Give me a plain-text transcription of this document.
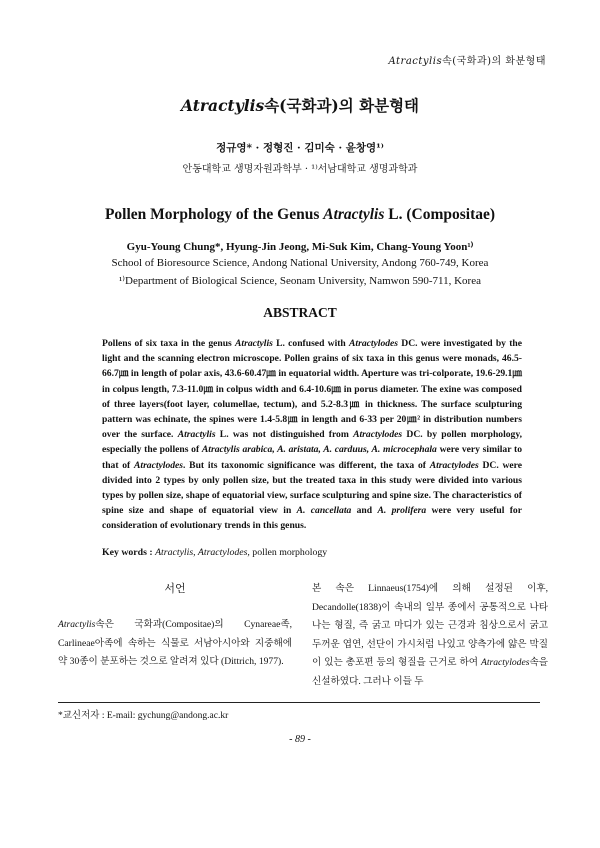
Atractylis속(국화과)의 화분형태
Atractylis속(국화과)의 화분형태
정규영* · 정형진 · 김미숙 · 윤창영¹⁾
안동대학교 생명자원과학부 · ¹⁾서남대학교 생명과학과
Pollen Morphology of the Genus Atractylis L. (Compositae)
Gyu-Young Chung*, Hyung-Jin Jeong, Mi-Suk Kim, Chang-Young Yoon¹⁾
School of Bioresource Science, Andong National University, Andong 760-749, Korea
¹⁾Department of Biological Science, Seonam University, Namwon 590-711, Korea
ABSTRACT
Pollens of six taxa in the genus Atractylis L. confused with Atractylodes DC. were investigated by the light and the scanning electron microscope. Pollen grains of six taxa in this genus were monads, 46.5-66.7㎛ in length of polar axis, 43.6-60.47㎛ in equatorial width. Aperture was tri-colporate, 19.6-29.1㎛ in colpus length, 7.3-11.0㎛ in colpus width and 6.4-10.6㎛ in porus diameter. The exine was composed of three layers(foot layer, columellae, tectum), and 5.2-8.3㎛ in thickness. The surface sculpturing pattern was echinate, the spines were 1.4-5.8㎛ in length and 6-33 per 20㎛² in distribution numbers over the surface. Atractylis L. was not distinguished from Atractylodes DC. by pollen morphology, especially the pollens of Atractylis arabica, A. aristata, A. carduus, A. microcephala were very similar to that of Atractylodes. But its taxonomic significance was different, the taxa of Atractylodes DC. were divided into 2 types by only pollen size, but the treated taxa in this study were divided into various types by pollen size, shape of equatorial view, surface sculpturing and spine size. The characteristics of spine size and shape of equatorial view in A. cancellata and A. prolifera were very useful for consideration of evolutionary trends in this genus.
Key words : Atractylis, Atractylodes, pollen morphology
서언
Atractylis속은 국화과(Compositae)의 Cynareae족, Carlineae아족에 속하는 식물로 서남아시아와 지중해에 약 30종이 분포하는 것으로 알려져 있다 (Dittrich, 1977).
본 속은 Linnaeus(1754)에 의해 설정된 이후, Decandolle(1838)이 속내의 일부 종에서 공통적으로 나타나는 형질, 즉 굵고 마디가 있는 근경과 침상으로서 굵고 두꺼운 엽연, 선단이 가시처럼 나있고 양측가에 얇은 막질이 있는 총포편 등의 형질을 근거로 하여 Atractylodes속을 신설하였다. 그러나 이들 두
*교신저자 : E-mail: gychung@andong.ac.kr
- 89 -
